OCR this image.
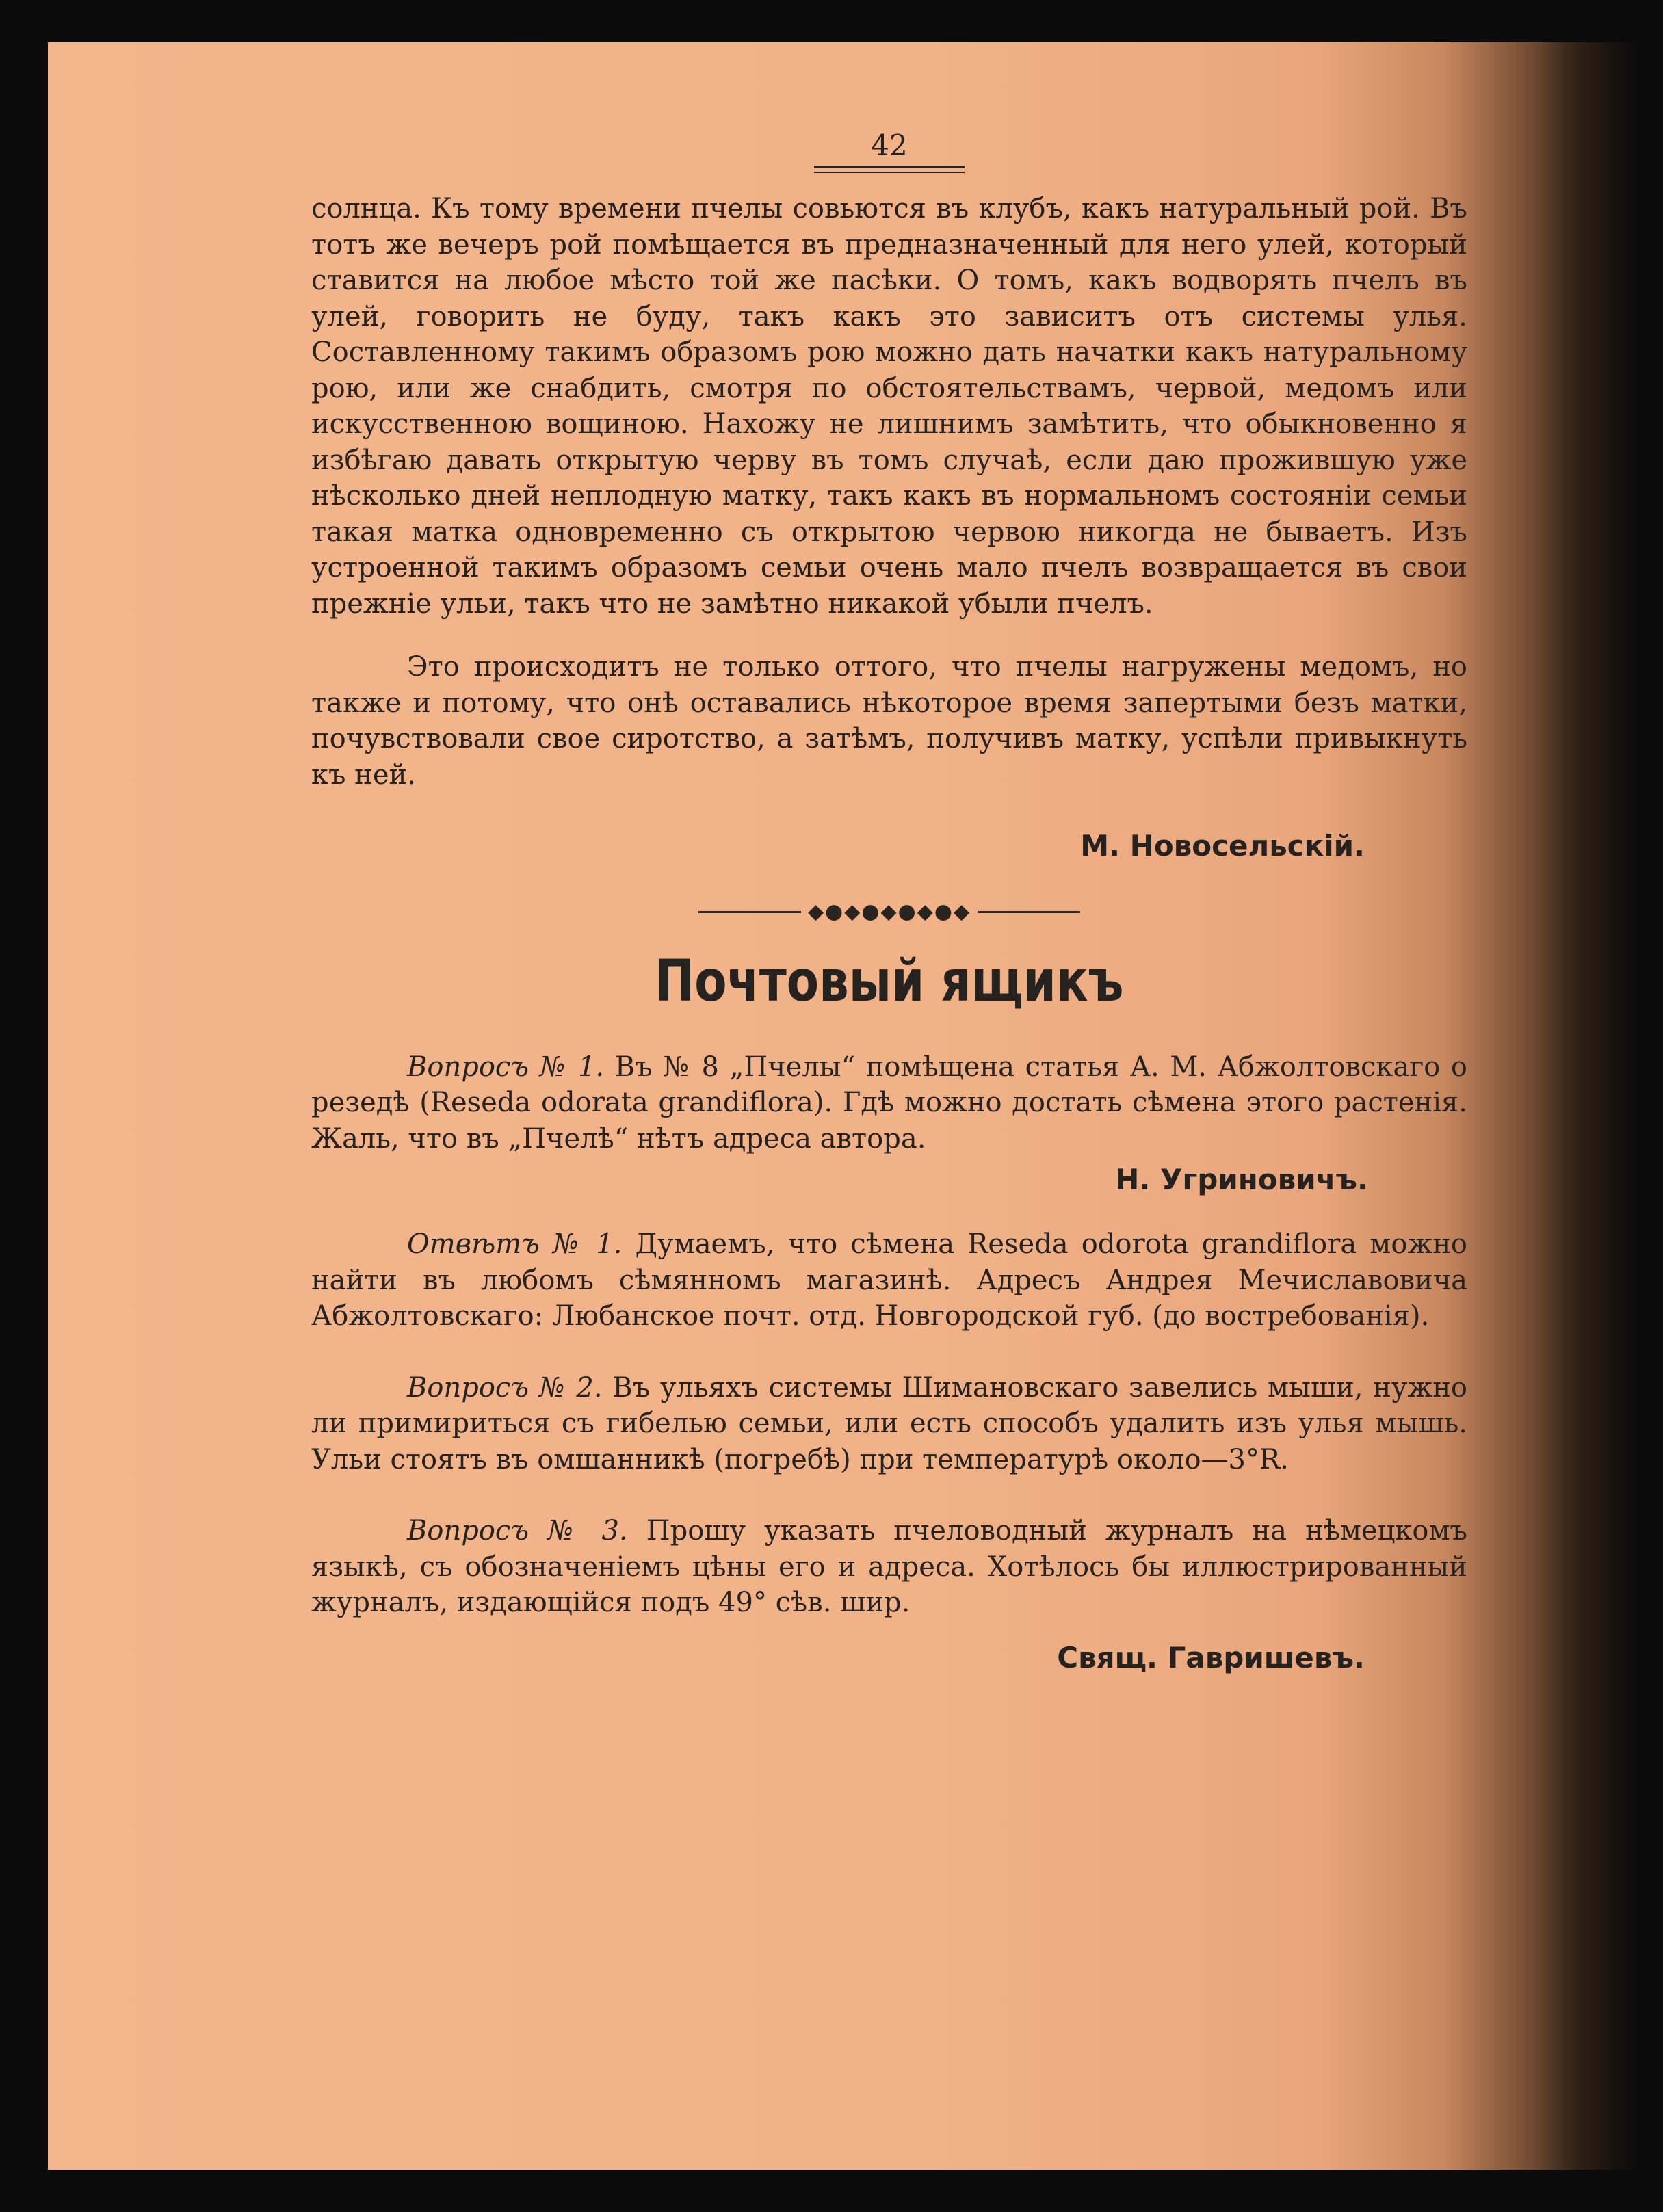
42

солнца. Къ тому времени пчелы совьются въ клубъ, какъ натуральный рой. Въ тотъ же вечеръ рой помѣщается въ предназначенный для него улей, который ставится на любое мѣсто той же пасѣки. О томъ, какъ водворять пчелъ въ улей, говорить не буду, такъ какъ это зависитъ отъ системы улья. Составленному такимъ образомъ рою можно дать начатки какъ натуральному рою, или же снабдить, смотря по обстоятельствамъ, червой, медомъ или искусственною вощиною. Нахожу не лишнимъ замѣтить, что обыкновенно я избѣгаю давать открытую черву въ томъ случаѣ, если даю прожившую уже нѣсколько дней неплодную матку, такъ какъ въ нормальномъ состояніи семьи такая матка одновременно съ открытою червою никогда не бываетъ. Изъ устроенной такимъ образомъ семьи очень мало пчелъ возвращается въ свои прежніе ульи, такъ что не замѣтно никакой убыли пчелъ.

Это происходитъ не только оттого, что пчелы нагружены медомъ, но также и потому, что онѣ оставались нѣкоторое время запертыми безъ матки, почувствовали свое сиротство, а затѣмъ, получивъ матку, успѣли привыкнуть къ ней.

М. Новосельскій.
◆●◆●◆●◆●◆
Почтовый ящикъ

Вопросъ № 1. Въ № 8 „Пчелы“ помѣщена статья А. М. Абжолтовскаго о резедѣ (Reseda odorata grandiflora). Гдѣ можно достать сѣмена этого растенія. Жаль, что въ „Пчелѣ“ нѣтъ адреса автора.

Н. Угриновичъ.

Отвѣтъ № 1. Думаемъ, что сѣмена Reseda odorota grandiflora можно найти въ любомъ сѣмянномъ магазинѣ. Адресъ Андрея Мечиславовича Абжолтовскаго: Любанское почт. отд. Новгородской губ. (до востребованія).

Вопросъ № 2. Въ ульяхъ системы Шимановскаго завелись мыши, нужно ли примириться съ гибелью семьи, или есть способъ удалить изъ улья мышь. Ульи стоятъ въ омшанникѣ (погребѣ) при температурѣ около—3°R.

Вопросъ № 3. Прошу указать пчеловодный журналъ на нѣмецкомъ языкѣ, съ обозначеніемъ цѣны его и адреса. Хотѣлось бы иллюстрированный журналъ, издающійся подъ 49° сѣв. шир.

Свящ. Гавришевъ.
